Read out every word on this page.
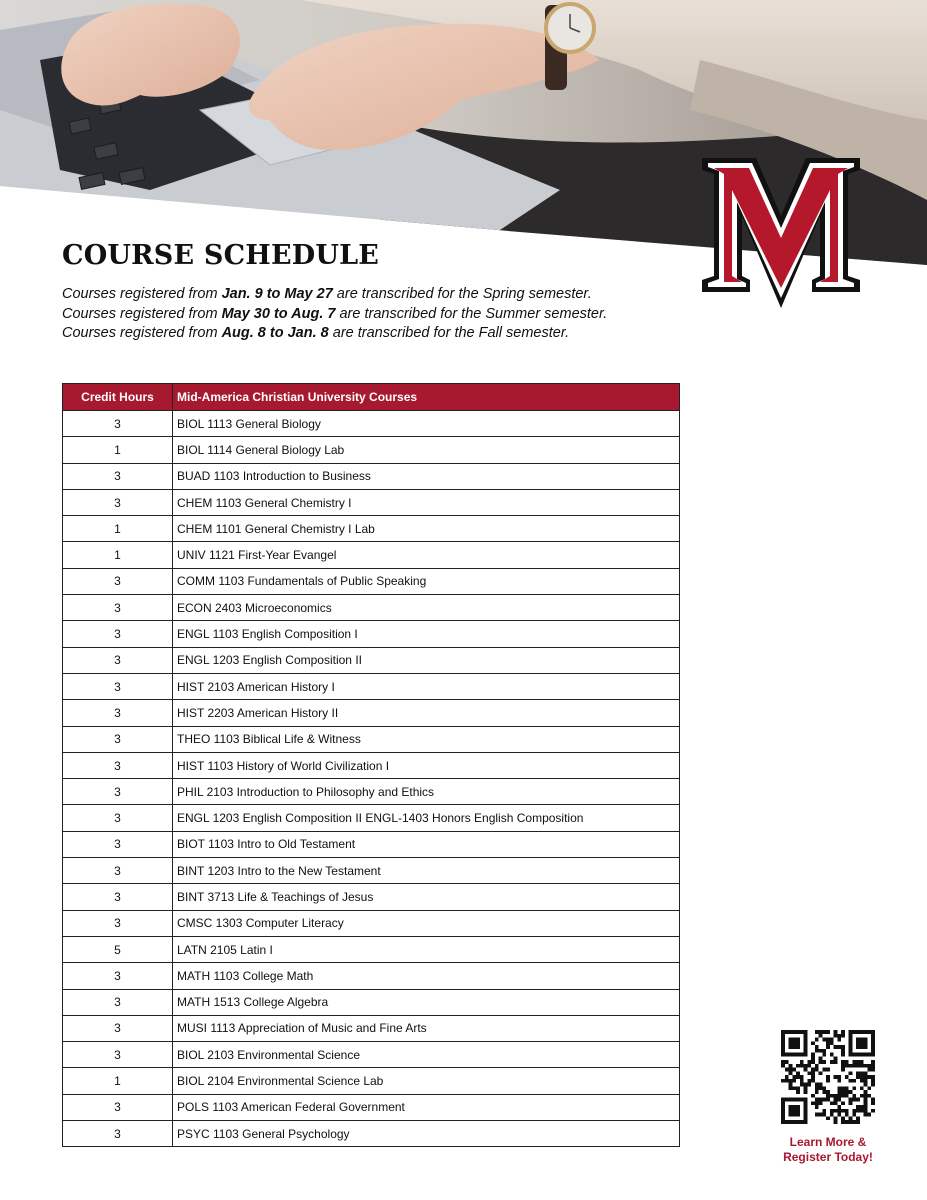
COURSE SCHEDULE

Courses registered from Jan. 9 to May 27 are transcribed for the Spring semester.

Courses registered from May 30 to Aug. 7 are transcribed for the Summer semester.

Courses registered from Aug. 8 to Jan. 8 are transcribed for the Fall semester.

Credit Hours	Mid-America Christian University Courses
3	BIOL 1113 General Biology
1	BIOL 1114 General Biology Lab
3	BUAD 1103 Introduction to Business
3	CHEM 1103 General Chemistry I
1	CHEM 1101 General Chemistry I Lab
1	UNIV 1121 First-Year Evangel
3	COMM 1103 Fundamentals of Public Speaking
3	ECON 2403 Microeconomics
3	ENGL 1103 English Composition I
3	ENGL 1203 English Composition II
3	HIST 2103 American History I
3	HIST 2203 American History II
3	THEO 1103 Biblical Life & Witness
3	HIST 1103 History of World Civilization I
3	PHIL 2103 Introduction to Philosophy and Ethics
3	ENGL 1203 English Composition II ENGL-1403 Honors English Composition
3	BIOT 1103 Intro to Old Testament
3	BINT 1203 Intro to the New Testament
3	BINT 3713 Life & Teachings of Jesus
3	CMSC 1303 Computer Literacy
5	LATN 2105 Latin I
3	MATH 1103 College Math
3	MATH 1513 College Algebra
3	MUSI 1113 Appreciation of Music and Fine Arts
3	BIOL 2103 Environmental Science
1	BIOL 2104 Environmental Science Lab
3	POLS 1103 American Federal Government
3	PSYC 1103 General Psychology
Learn More &
Register Today!
